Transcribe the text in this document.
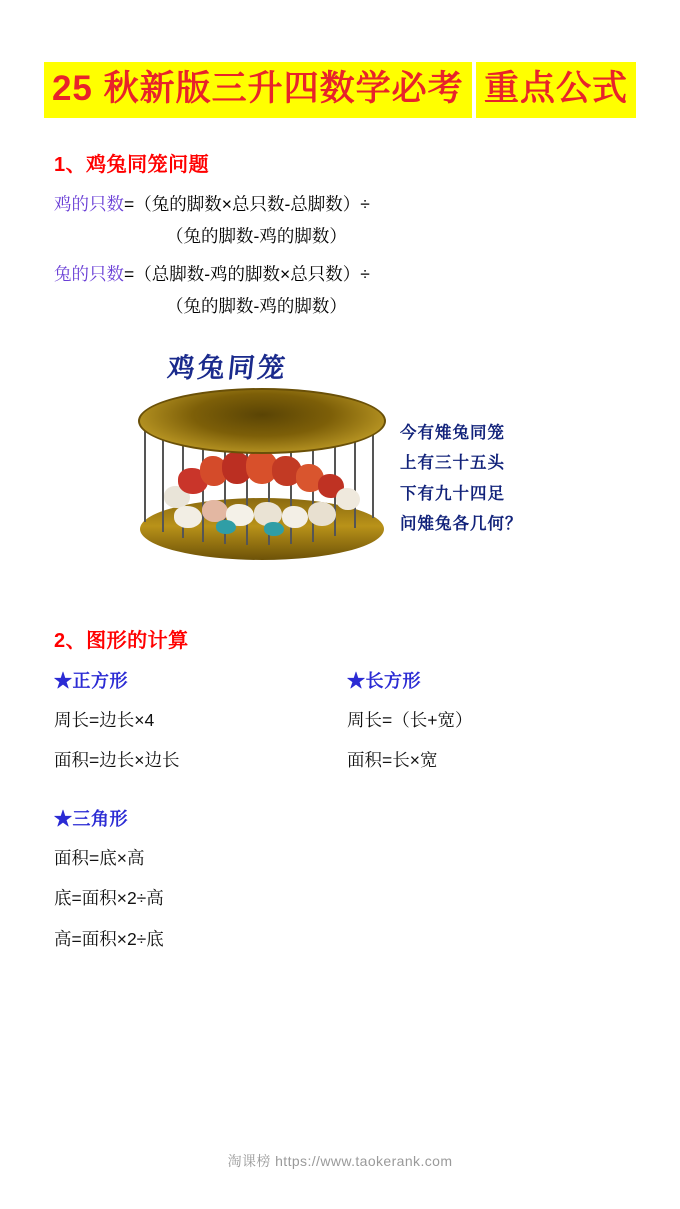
25 秋新版三升四数学必考 重点公式
1、鸡兔同笼问题
鸡的只数=（兔的脚数×总只数-总脚数）÷
（兔的脚数-鸡的脚数）
兔的只数=（总脚数-鸡的脚数×总只数）÷
（兔的脚数-鸡的脚数）
鸡兔同笼
今有雉兔同笼
上有三十五头
下有九十四足
问雉兔各几何？
2、图形的计算
★正方形
周长=边长×4
面积=边长×边长
★长方形
周长=（长+宽）
面积=长×宽
★三角形
面积=底×高
底=面积×2÷高
高=面积×2÷底
淘课榜 https://www.taokerank.com
